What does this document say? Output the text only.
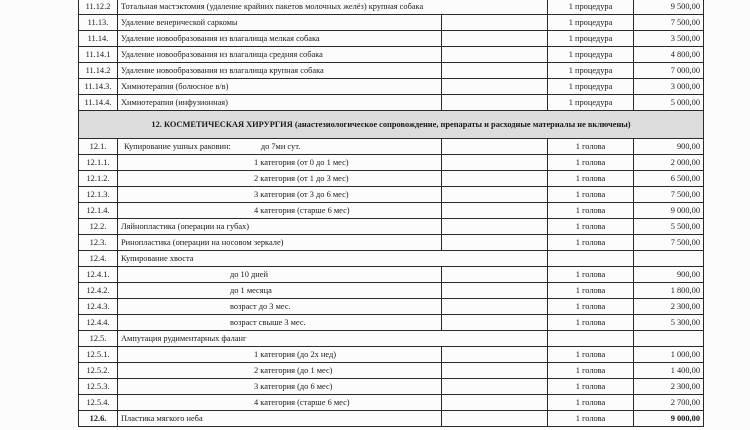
11.12.2	Тотальная мастэктомия (удаление крайних пакетов молочных желёз) крупная собака		1 процедура	9 500,00
11.13.	Удаление венерической саркомы		1 процедура	7 500,00
11.14.	Удаление новообразования из влагалища мелкая собака		1 процедура	3 500,00
11.14.1	Удаление новообразования из влагалища средняя собака		1 процедура	4 800,00
11.14.2	Удаление новообразования из влагалища крупная собака		1 процедура	7 000,00
11.14.3.	Химиотерапия (болюсное в/в)		1 процедура	3 000,00
11.14.4.	Химиотерапия (инфузионная)		1 процедура	5 000,00
12. КОСМЕТИЧЕСКАЯ ХИРУРГИЯ (анастезиологическое сопровождение, препараты и расходные материалы не включены)				
12.1.	Купирование ушных раковин: до 7ми сут.		1 голова	900,00
12.1.1.	1 категория (от 0 до 1 мес)		1 голова	2 000,00
12.1.2.	2 категория (от 1 до 3 мес)		1 голова	6 500,00
12.1.3.	3 категория (от 3 до 6 мес)		1 голова	7 500,00
12.1.4.	4 категория (старше 6 мес)		1 голова	9 000,00
12.2.	Ляйнопластика (операции на губах)		1 голова	5 500,00
12.3.	Ринопластика (операции на носовом зеркале)		1 голова	7 500,00
12.4.	Купирование хвоста			
12.4.1.	до 10 дней		1 голова	900,00
12.4.2.	до 1 месяца		1 голова	1 800,00
12.4.3.	возраст до 3 мес.		1 голова	2 300,00
12.4.4.	возраст свыше 3 мес.		1 голова	5 300,00
12.5.	Ампутация рудиментарных фаланг			
12.5.1.	1 категория (до 2х нед)		1 голова	1 000,00
12.5.2.	2 категория (до 1 мес)		1 голова	1 400,00
12.5.3.	3 категория (до 6 мес)		1 голова	2 300,00
12.5.4.	4 категория (старше 6 мес)		1 голова	2 700,00
12.6.	Пластика мягкого неба		1 голова	9 000,00
